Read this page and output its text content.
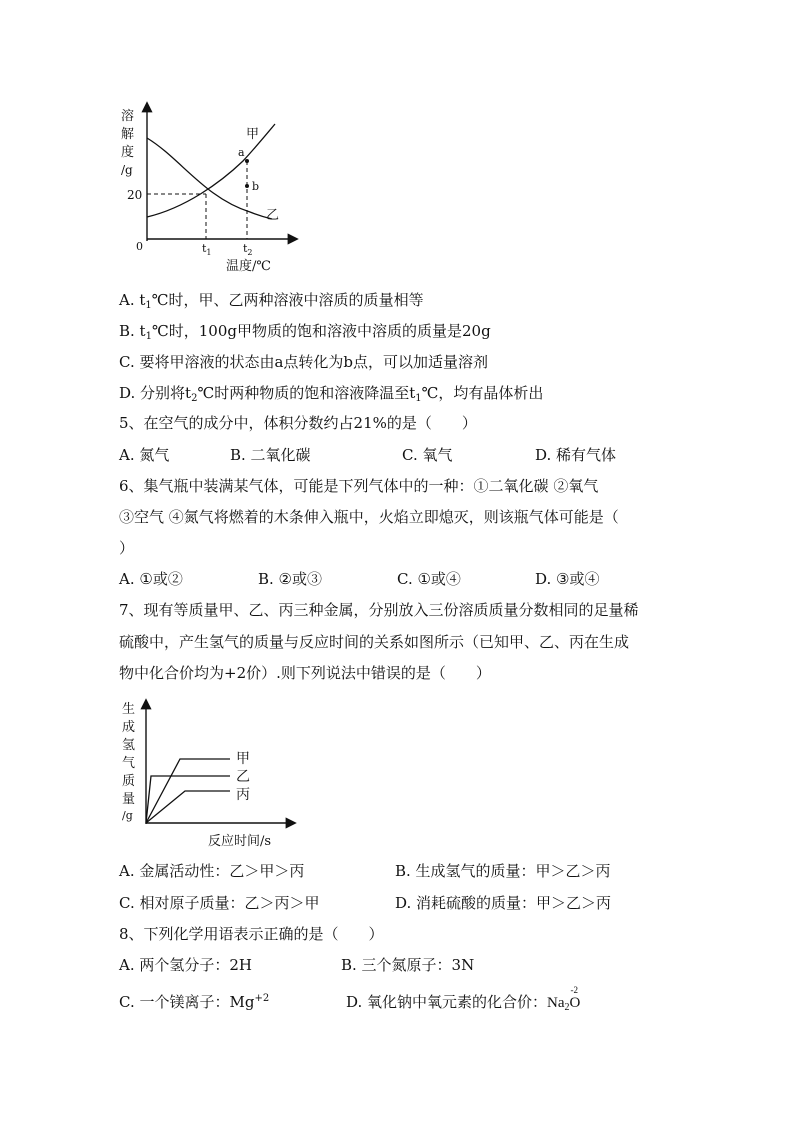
溶
解
度
/g
20
0
a
b
甲
乙
$t_1$	$t_2$
温度/℃
A. $t_1℃$时，甲、乙两种溶液中溶质的质量相等
B. $t_1℃$时，100g甲物质的饱和溶液中溶质的质量是20g
C. 要将甲溶液的状态由a点转化为b点，可以加适量溶剂
D. 分别将$t_2℃$时两种物质的饱和溶液降温至$t_1℃$，均有晶体析出
5、在空气的成分中，体积分数约占21%的是（　　）
A. 氮气	B. 二氧化碳	C. 氧气	D. 稀有气体
6、集气瓶中装满某气体，可能是下列气体中的一种：①二氧化碳 ②氧气
③空气 ④氮气将燃着的木条伸入瓶中，火焰立即熄灭，则该瓶气体可能是（
）
A. ①或②	B. ②或③	C. ①或④	D. ③或④
7、现有等质量甲、乙、丙三种金属，分别放入三份溶质质量分数相同的足量稀
硫酸中，产生氢气的质量与反应时间的关系如图所示（已知甲、乙、丙在生成
物中化合价均为+2价）.则下列说法中错误的是（　　）
生
成
氢
气
质
量
/g
甲
乙
丙
反应时间/s
A. 金属活动性：乙＞甲＞丙	B. 生成氢气的质量：甲＞乙＞丙
C. 相对原子质量：乙＞丙＞甲	D. 消耗硫酸的质量：甲＞乙＞丙
8、下列化学用语表示正确的是（　　）
A. 两个氢分子：2H	B. 三个氮原子：3N
C. 一个镁离子：$Mg^{+2}$	D. 氧化钠中氧元素的化合价：$Na_2$
-2
O
